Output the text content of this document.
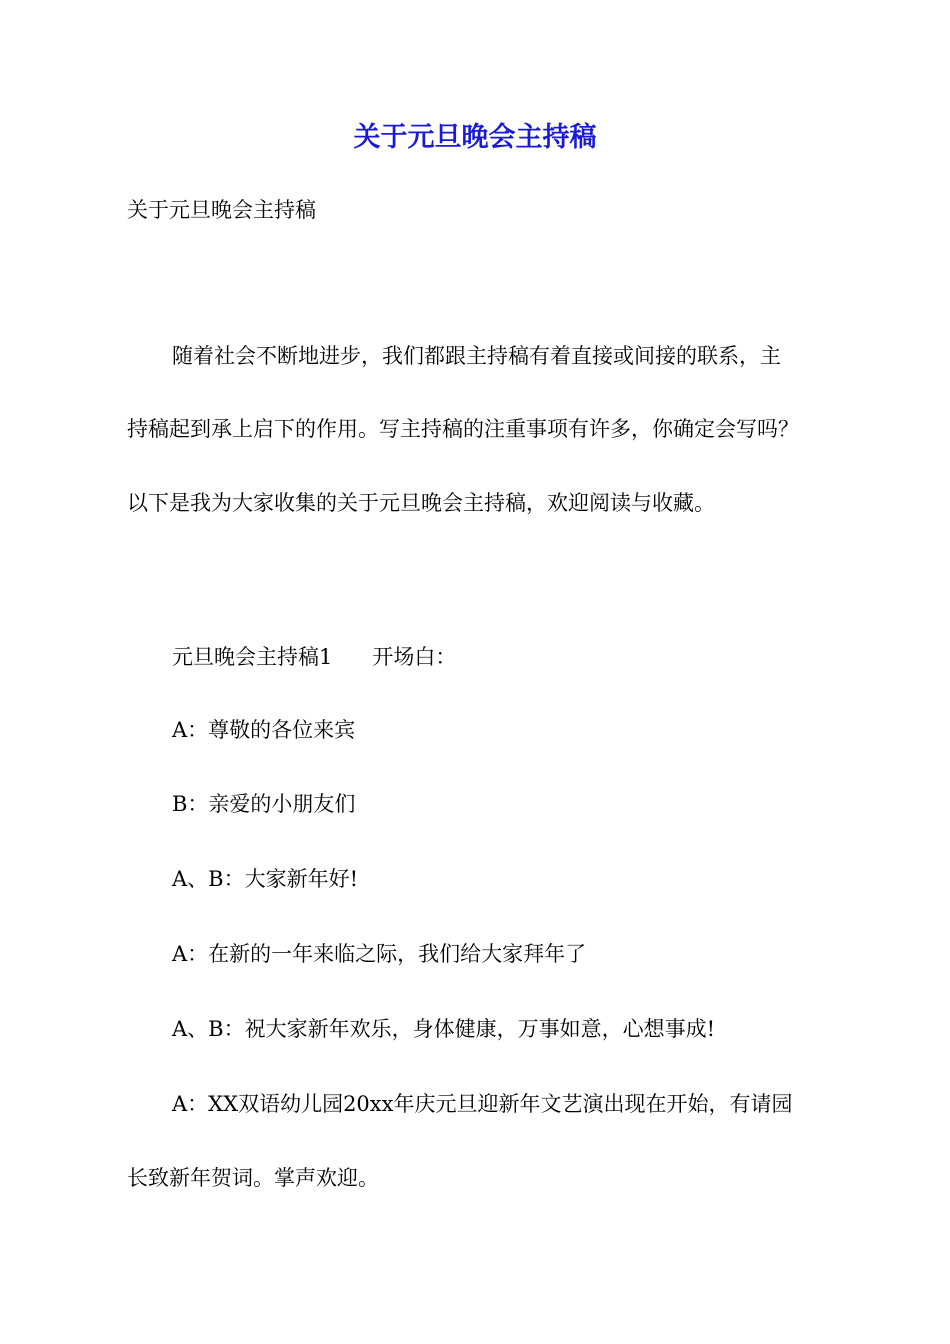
关于元旦晚会主持稿

关于元旦晚会主持稿

随着社会不断地进步，我们都跟主持稿有着直接或间接的联系，主

持稿起到承上启下的作用。写主持稿的注重事项有许多，你确定会写吗？

以下是我为大家收集的关于元旦晚会主持稿，欢迎阅读与收藏。

元旦晚会主持稿1 开场白：

A：尊敬的各位来宾

B：亲爱的小朋友们

A、B：大家新年好!

A：在新的一年来临之际，我们给大家拜年了

A、B：祝大家新年欢乐，身体健康，万事如意，心想事成!

A：XX双语幼儿园20xx年庆元旦迎新年文艺演出现在开始，有请园

长致新年贺词。掌声欢迎。
